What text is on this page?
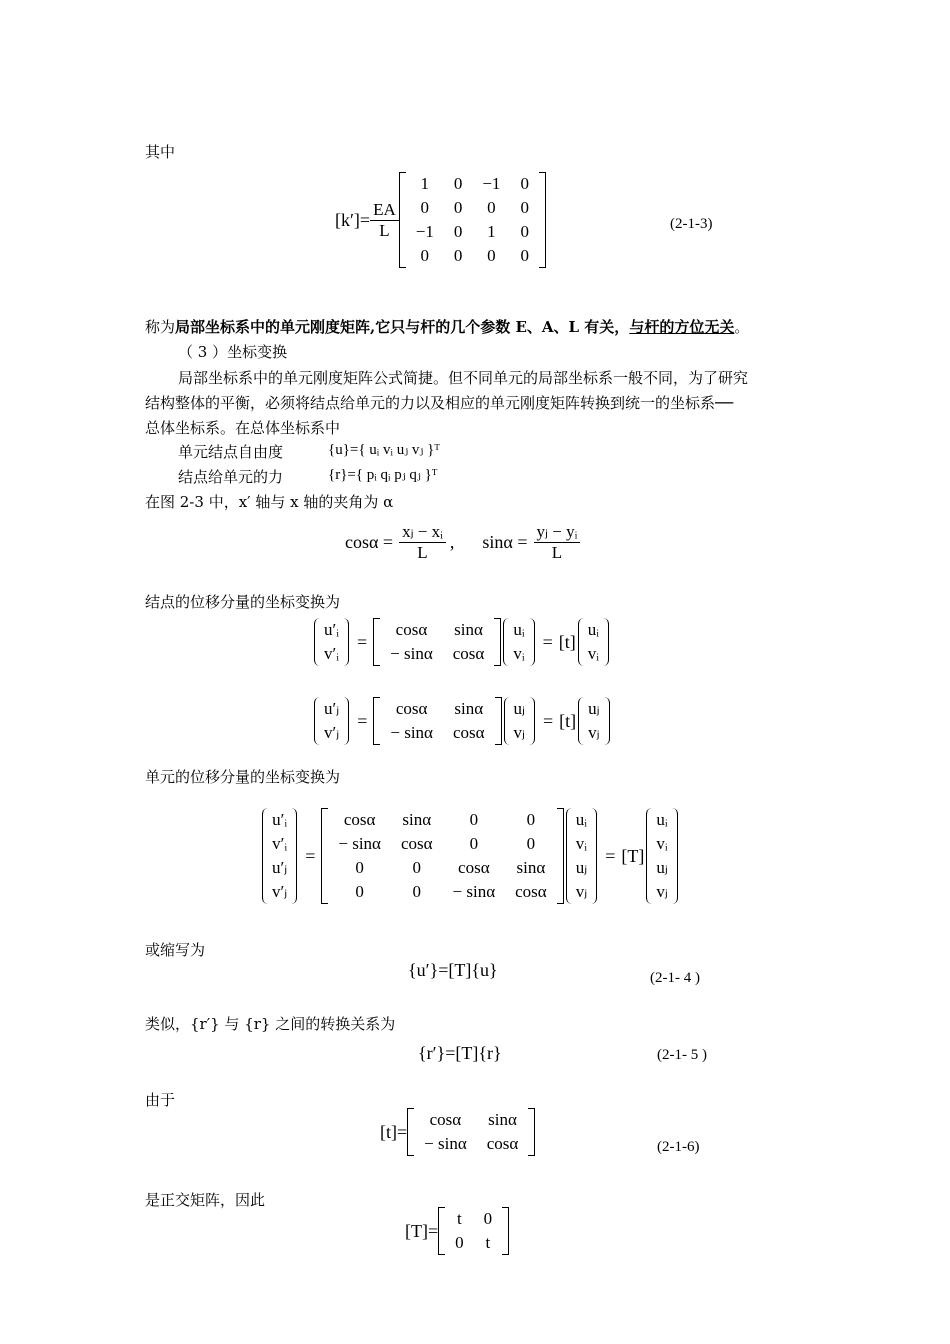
其中
$[k']= \frac{EA}{L}$
1	0	−1	0
0	0	0	0
−1	0	1	0
0	0	0	0
(2-1-3)
称为局部坐标系中的单元刚度矩阵,它只与杆的几个参数 E、A、L 有关，与杆的方位无关。
（ 3 ）坐标变换
局部坐标系中的单元刚度矩阵公式简捷。但不同单元的局部坐标系一般不同，为了研究
结构整体的平衡，必须将结点给单元的力以及相应的单元刚度矩阵转换到统一的坐标系──
总体坐标系。在总体坐标系中
单元结点自由度	{u}={ uᵢ vᵢ uⱼ vⱼ }ᵀ
结点给单元的力	{r}={ pᵢ qᵢ pⱼ qⱼ }ᵀ
在图 2-3 中，x′ 轴与 x 轴的夹角为 α
$\cos\alpha = \frac{\text{xⱼ − xᵢ}}{L}$ , $\sin\alpha = \frac{\text{yⱼ − yᵢ}}{L}$
结点的位移分量的坐标变换为
u′ᵢ
v′ᵢ
=
cosα	sinα
− sinα	cosα
uᵢ
vᵢ
= [t]
uᵢ
vᵢ
u′ⱼ
v′ⱼ
=
cosα	sinα
− sinα	cosα
uⱼ
vⱼ
= [t]
uⱼ
vⱼ
单元的位移分量的坐标变换为
u′ᵢ
v′ᵢ
u′ⱼ
v′ⱼ
=
cosα	sinα	0	0
− sinα	cosα	0	0
0	0	cosα	sinα
0	0	− sinα	cosα
uᵢ
vᵢ
uⱼ
vⱼ
= [T]
uᵢ
vᵢ
uⱼ
vⱼ
或缩写为
{u′}=[T]{u}	(2-1- 4 )
类似，{r′} 与 {r} 之间的转换关系为
{r′}=[T]{r}	(2-1- 5 )
由于
[t]=
cosα	sinα
− sinα	cosα	(2-1-6)
是正交矩阵，因此
[T]=
t	0
0	t
